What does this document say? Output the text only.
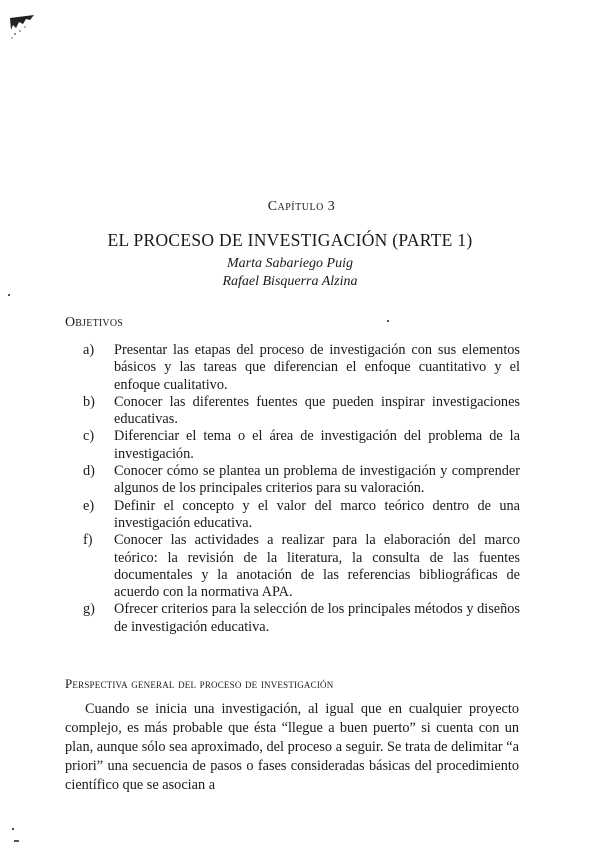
Capítulo 3
EL PROCESO DE INVESTIGACIÓN (PARTE 1)
Marta Sabariego Puig
Rafael Bisquerra Alzina
Objetivos
a) Presentar las etapas del proceso de investigación con sus elementos básicos y las tareas que diferencian el enfoque cuantitativo y el enfoque cualitativo.
b) Conocer las diferentes fuentes que pueden inspirar investigaciones educativas.
c) Diferenciar el tema o el área de investigación del problema de la investigación.
d) Conocer cómo se plantea un problema de investigación y comprender algunos de los principales criterios para su valoración.
e) Definir el concepto y el valor del marco teórico dentro de una investigación educativa.
f) Conocer las actividades a realizar para la elaboración del marco teórico: la revisión de la literatura, la consulta de las fuentes documentales y la anotación de las referencias bibliográficas de acuerdo con la normativa APA.
g) Ofrecer criterios para la selección de los principales métodos y diseños de investigación educativa.
Perspectiva general del proceso de investigación

Cuando se inicia una investigación, al igual que en cualquier proyecto complejo, es más probable que ésta “llegue a buen puerto” si cuenta con un plan, aunque sólo sea aproximado, del proceso a seguir. Se trata de delimitar “a priori” una secuencia de pasos o fases consideradas básicas del procedimiento científico que se asocian a
